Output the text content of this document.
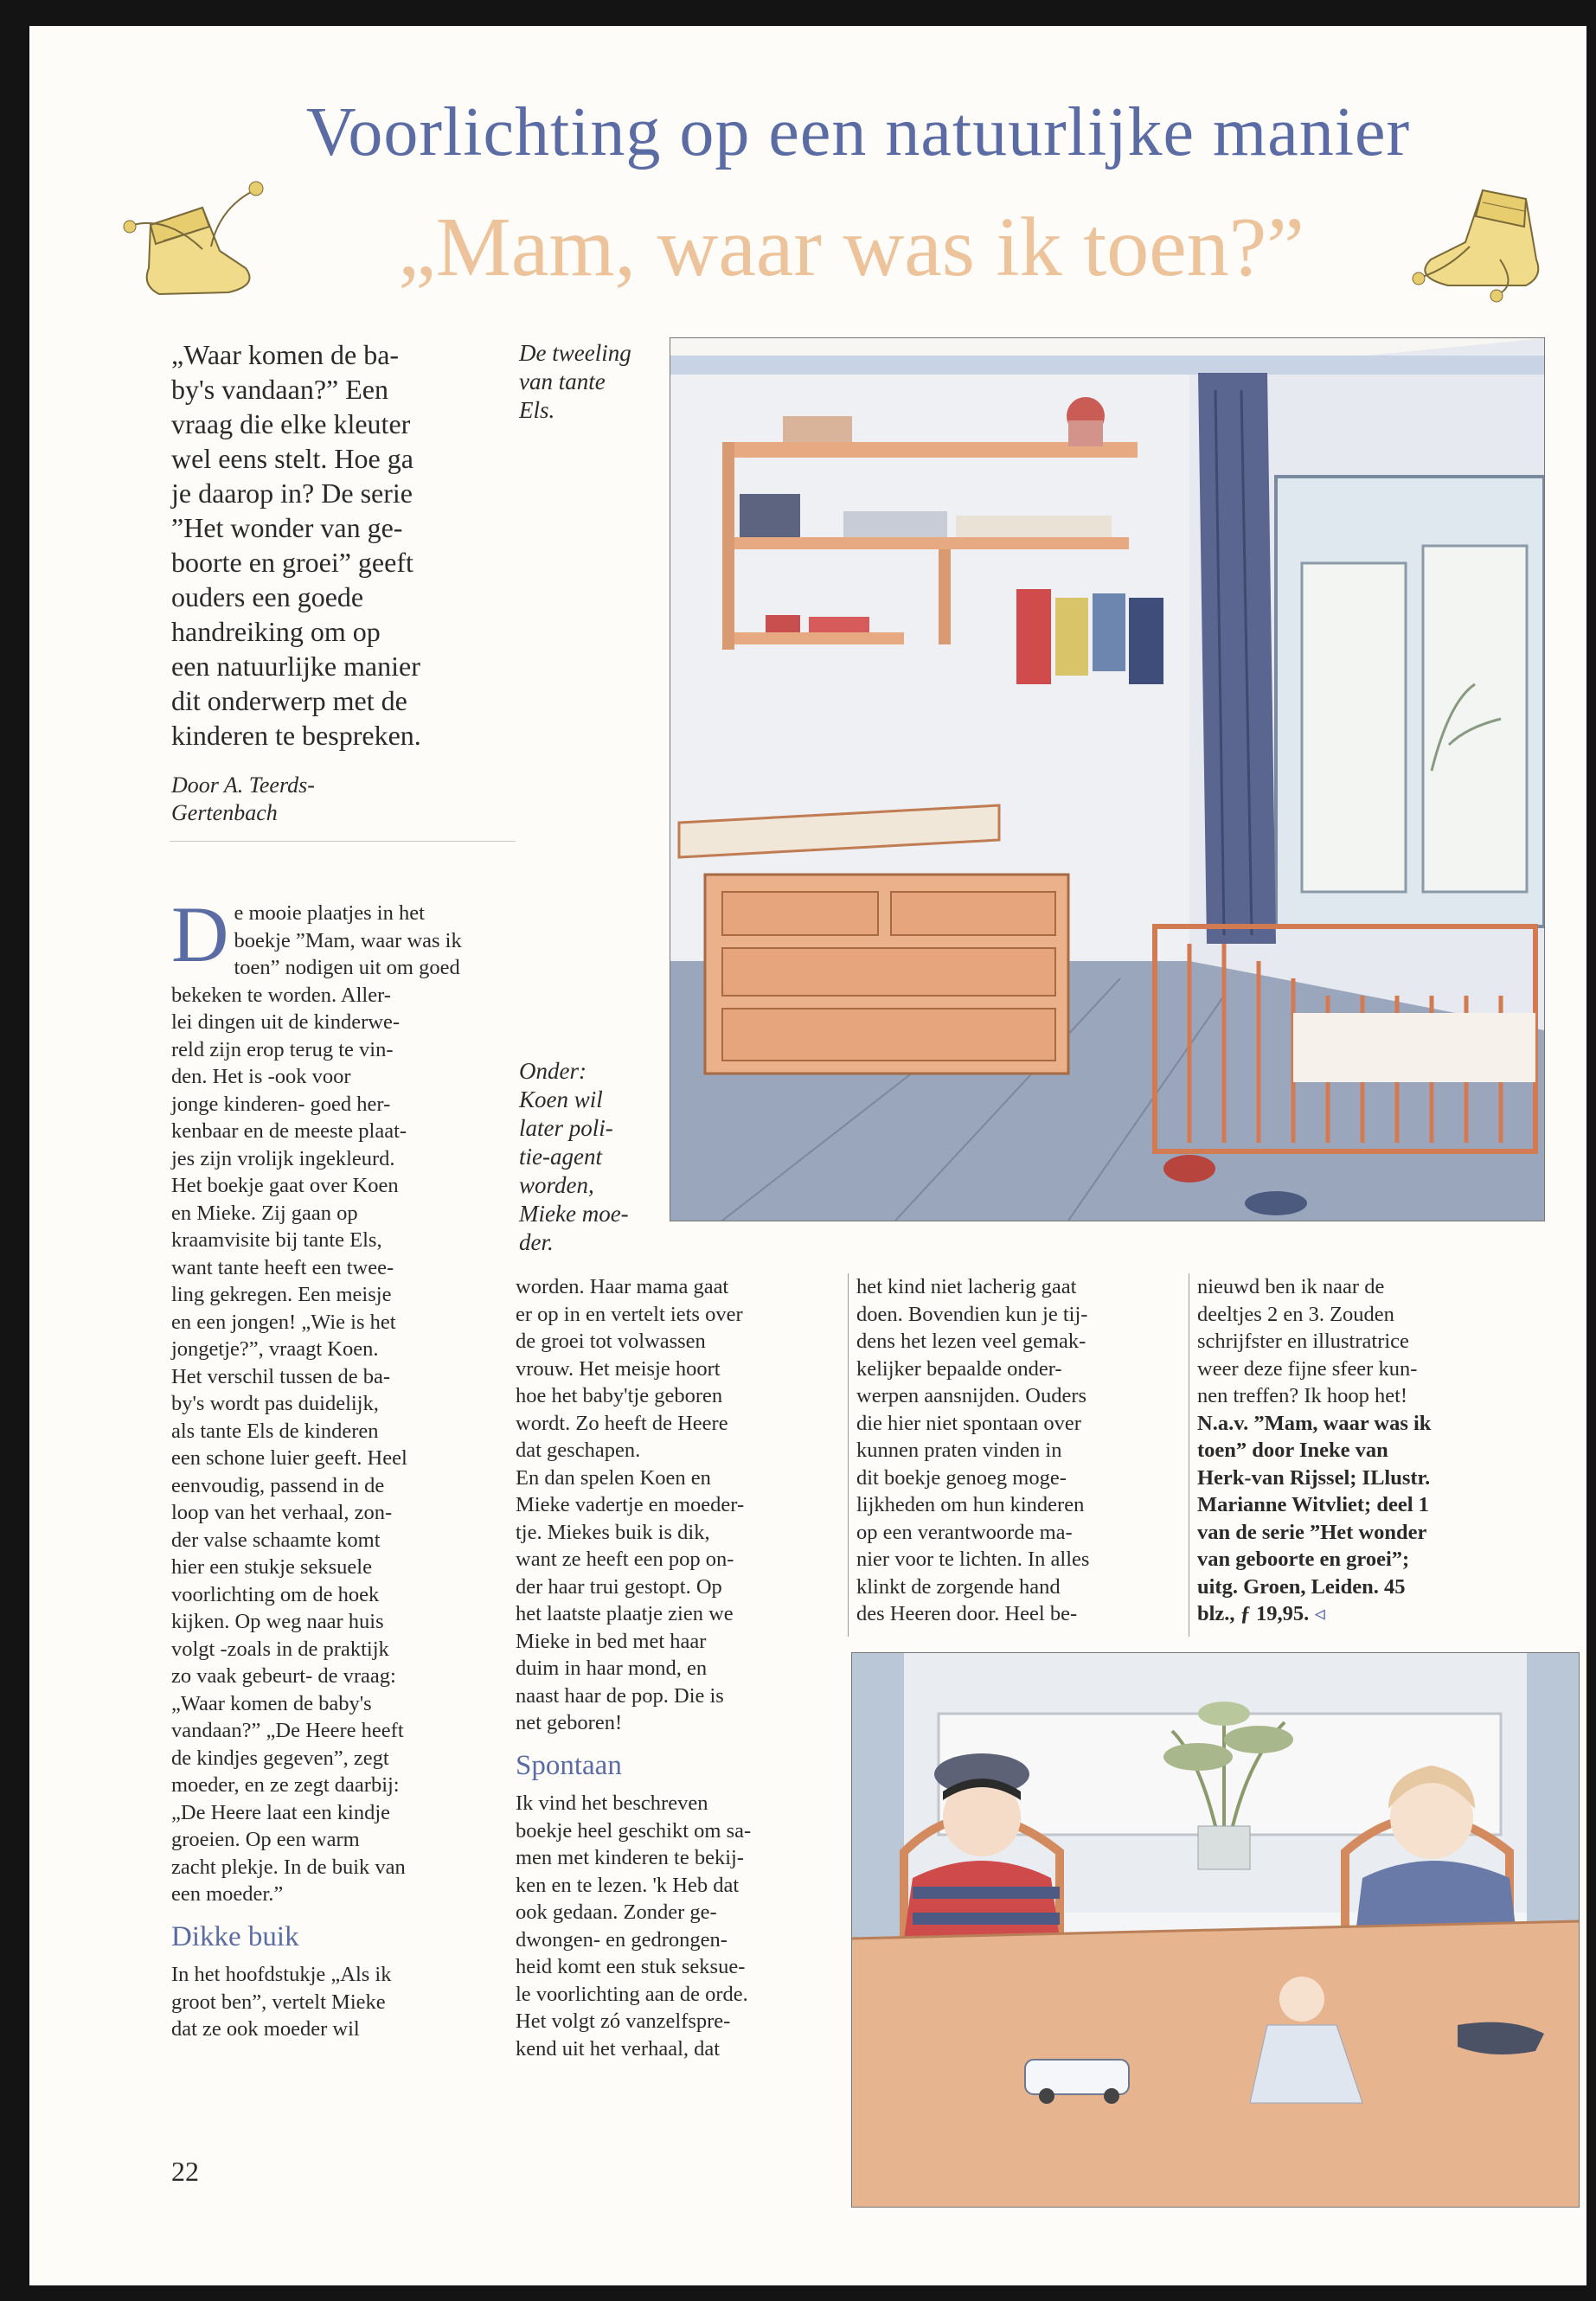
Voorlichting op een natuurlijke manier
„Mam, waar was ik toen?”
„Waar komen de ba-
by's vandaan?” Een
vraag die elke kleuter
wel eens stelt. Hoe ga
je daarop in? De serie
”Het wonder van ge-
boorte en groei” geeft
ouders een goede
handreiking om op
een natuurlijke manier
dit onderwerp met de
kinderen te bespreken.
Door A. Teerds-
Gertenbach
De tweeling
van tante
Els.
Onder:
Koen wil
later poli-
tie-agent
worden,
Mieke moe-
der.
D e mooie plaatjes in het
boekje ”Mam, waar was ik
toen” nodigen uit om goed
bekeken te worden. Aller-
lei dingen uit de kinderwe-
reld zijn erop terug te vin-
den. Het is -ook voor
jonge kinderen- goed her-
kenbaar en de meeste plaat-
jes zijn vrolijk ingekleurd.
Het boekje gaat over Koen
en Mieke. Zij gaan op
kraamvisite bij tante Els,
want tante heeft een twee-
ling gekregen. Een meisje
en een jongen! „Wie is het
jongetje?”, vraagt Koen.
Het verschil tussen de ba-
by's wordt pas duidelijk,
als tante Els de kinderen
een schone luier geeft. Heel
eenvoudig, passend in de
loop van het verhaal, zon-
der valse schaamte komt
hier een stukje seksuele
voorlichting om de hoek
kijken. Op weg naar huis
volgt -zoals in de praktijk
zo vaak gebeurt- de vraag:
„Waar komen de baby's
vandaan?” „De Heere heeft
de kindjes gegeven”, zegt
moeder, en ze zegt daarbij:
„De Heere laat een kindje
groeien. Op een warm
zacht plekje. In de buik van
een moeder.”
Dikke buik
In het hoofdstukje „Als ik
groot ben”, vertelt Mieke
dat ze ook moeder wil
worden. Haar mama gaat
er op in en vertelt iets over
de groei tot volwassen
vrouw. Het meisje hoort
hoe het baby'tje geboren
wordt. Zo heeft de Heere
dat geschapen.
En dan spelen Koen en
Mieke vadertje en moeder-
tje. Miekes buik is dik,
want ze heeft een pop on-
der haar trui gestopt. Op
het laatste plaatje zien we
Mieke in bed met haar
duim in haar mond, en
naast haar de pop. Die is
net geboren!
Spontaan
Ik vind het beschreven
boekje heel geschikt om sa-
men met kinderen te bekij-
ken en te lezen. 'k Heb dat
ook gedaan. Zonder ge-
dwongen- en gedrongen-
heid komt een stuk seksue-
le voorlichting aan de orde.
Het volgt zó vanzelfspre-
kend uit het verhaal, dat
het kind niet lacherig gaat
doen. Bovendien kun je tij-
dens het lezen veel gemak-
kelijker bepaalde onder-
werpen aansnijden. Ouders
die hier niet spontaan over
kunnen praten vinden in
dit boekje genoeg moge-
lijkheden om hun kinderen
op een verantwoorde ma-
nier voor te lichten. In alles
klinkt de zorgende hand
des Heeren door. Heel be-
nieuwd ben ik naar de
deeltjes 2 en 3. Zouden
schrijfster en illustratrice
weer deze fijne sfeer kun-
nen treffen? Ik hoop het!
N.a.v. ”Mam, waar was ik
toen” door Ineke van
Herk-van Rijssel; ILlustr.
Marianne Witvliet; deel 1
van de serie ”Het wonder
van geboorte en groei”;
uitg. Groen, Leiden. 45
blz., ƒ 19,95. ◃
22
